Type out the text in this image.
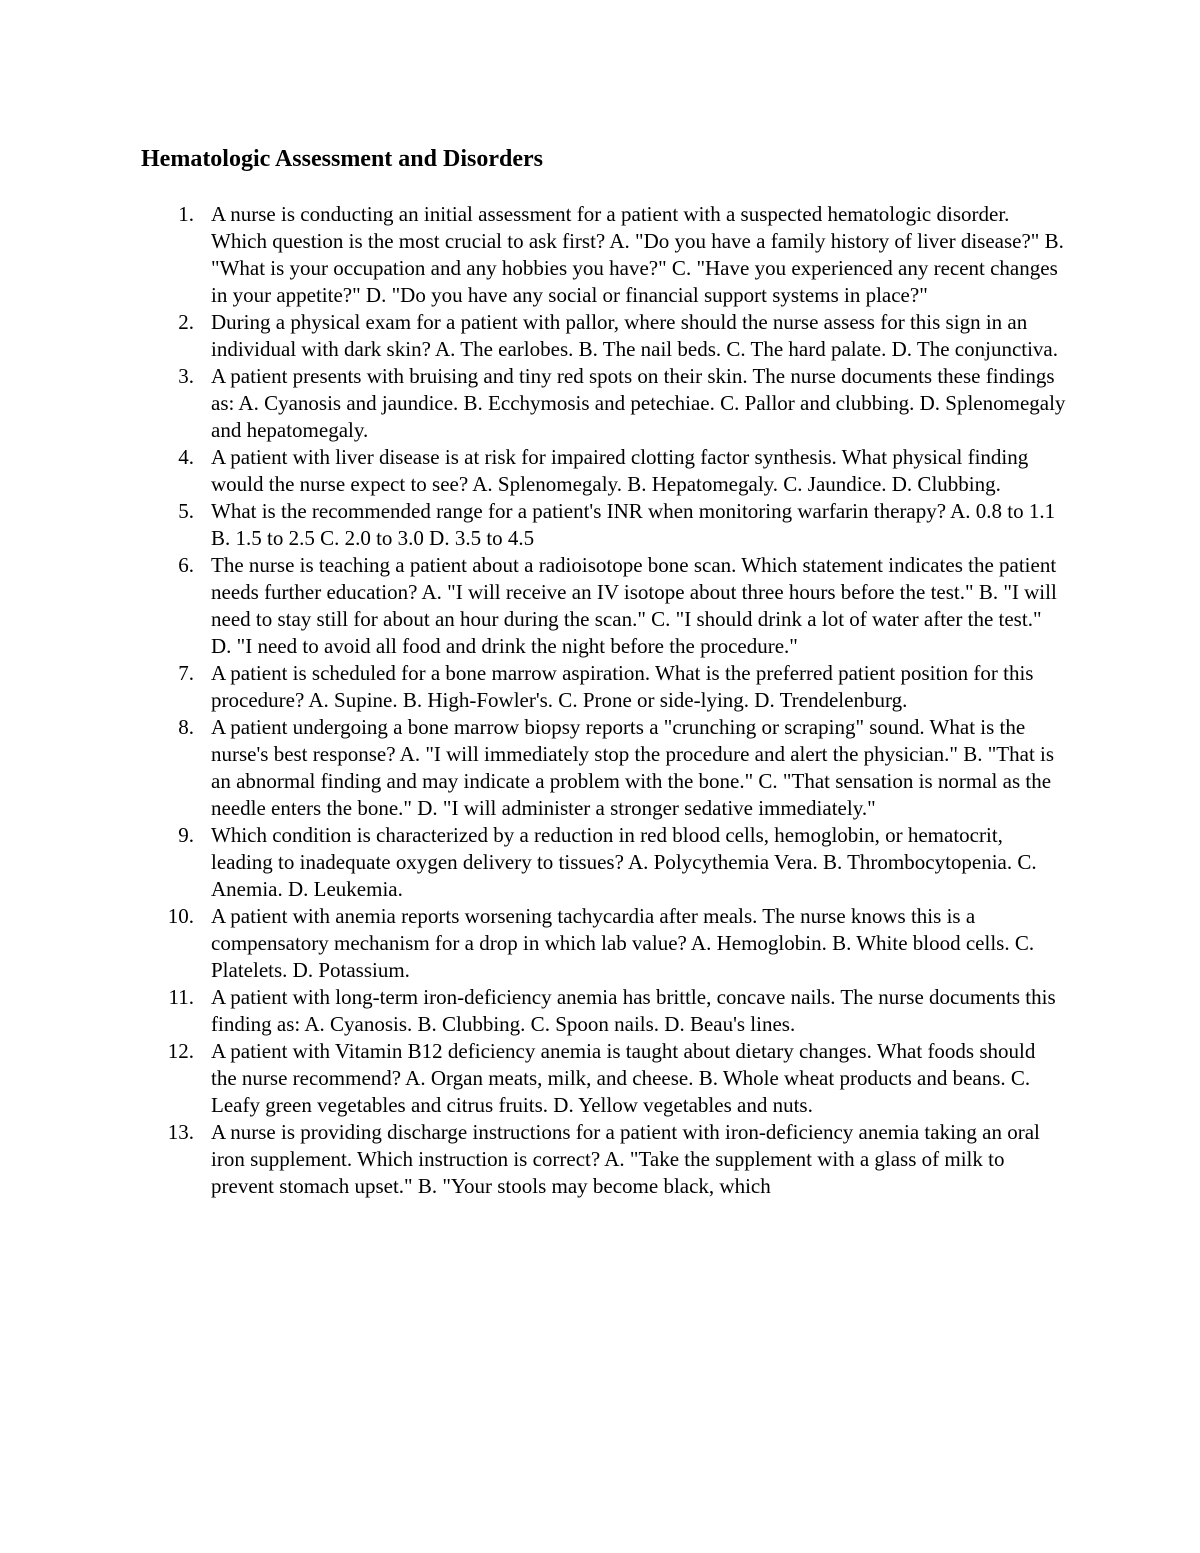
Hematologic Assessment and Disorders
1. A nurse is conducting an initial assessment for a patient with a suspected hematologic disorder. Which question is the most crucial to ask first? A. "Do you have a family history of liver disease?" B. "What is your occupation and any hobbies you have?" C. "Have you experienced any recent changes in your appetite?" D. "Do you have any social or financial support systems in place?"
2. During a physical exam for a patient with pallor, where should the nurse assess for this sign in an individual with dark skin? A. The earlobes. B. The nail beds. C. The hard palate. D. The conjunctiva.
3. A patient presents with bruising and tiny red spots on their skin. The nurse documents these findings as: A. Cyanosis and jaundice. B. Ecchymosis and petechiae. C. Pallor and clubbing. D. Splenomegaly and hepatomegaly.
4. A patient with liver disease is at risk for impaired clotting factor synthesis. What physical finding would the nurse expect to see? A. Splenomegaly. B. Hepatomegaly. C. Jaundice. D. Clubbing.
5. What is the recommended range for a patient's INR when monitoring warfarin therapy? A. 0.8 to 1.1 B. 1.5 to 2.5 C. 2.0 to 3.0 D. 3.5 to 4.5
6. The nurse is teaching a patient about a radioisotope bone scan. Which statement indicates the patient needs further education? A. "I will receive an IV isotope about three hours before the test." B. "I will need to stay still for about an hour during the scan." C. "I should drink a lot of water after the test." D. "I need to avoid all food and drink the night before the procedure."
7. A patient is scheduled for a bone marrow aspiration. What is the preferred patient position for this procedure? A. Supine. B. High-Fowler's. C. Prone or side-lying. D. Trendelenburg.
8. A patient undergoing a bone marrow biopsy reports a "crunching or scraping" sound. What is the nurse's best response? A. "I will immediately stop the procedure and alert the physician." B. "That is an abnormal finding and may indicate a problem with the bone." C. "That sensation is normal as the needle enters the bone." D. "I will administer a stronger sedative immediately."
9. Which condition is characterized by a reduction in red blood cells, hemoglobin, or hematocrit, leading to inadequate oxygen delivery to tissues? A. Polycythemia Vera. B. Thrombocytopenia. C. Anemia. D. Leukemia.
10. A patient with anemia reports worsening tachycardia after meals. The nurse knows this is a compensatory mechanism for a drop in which lab value? A. Hemoglobin. B. White blood cells. C. Platelets. D. Potassium.
11. A patient with long-term iron-deficiency anemia has brittle, concave nails. The nurse documents this finding as: A. Cyanosis. B. Clubbing. C. Spoon nails. D. Beau's lines.
12. A patient with Vitamin B12 deficiency anemia is taught about dietary changes. What foods should the nurse recommend? A. Organ meats, milk, and cheese. B. Whole wheat products and beans. C. Leafy green vegetables and citrus fruits. D. Yellow vegetables and nuts.
13. A nurse is providing discharge instructions for a patient with iron-deficiency anemia taking an oral iron supplement. Which instruction is correct? A. "Take the supplement with a glass of milk to prevent stomach upset." B. "Your stools may become black, which
